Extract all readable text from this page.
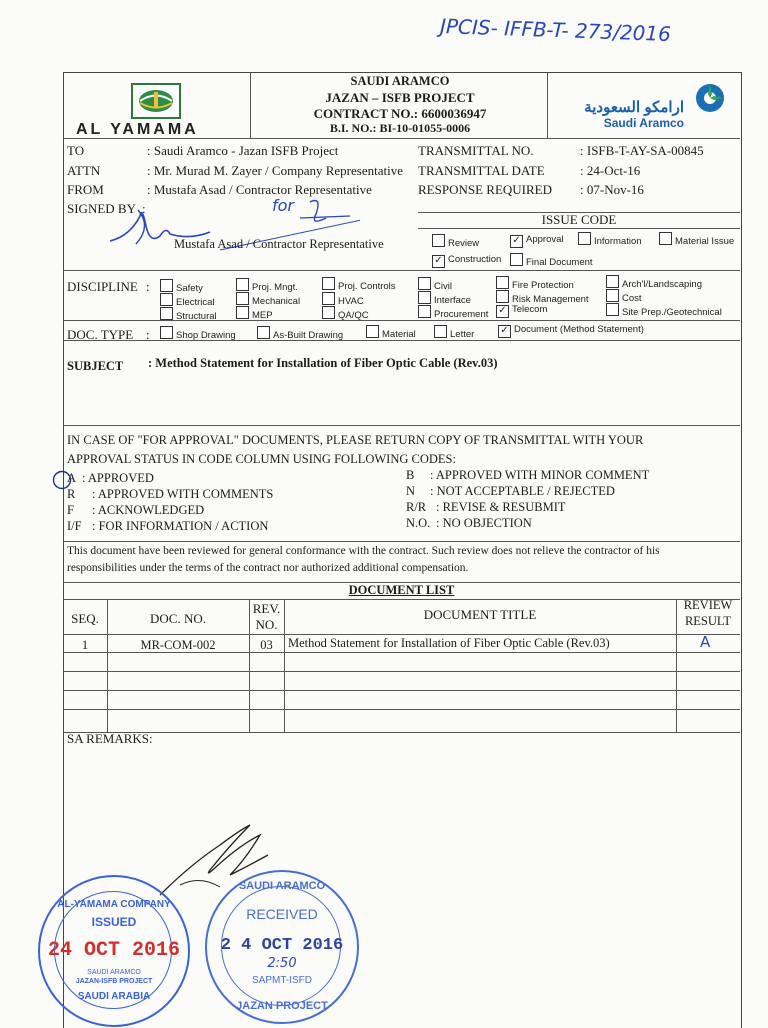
JPCIS- IFFB-T- 273/2016
AL YAMAMA
SAUDI ARAMCO
JAZAN – ISFB PROJECT
CONTRACT NO.: 6600036947
B.I. NO.: BI-10-01055-0006
ارامكو السعودية
Saudi Aramco
TO	: Saudi Aramco - Jazan ISFB Project
ATTN	: Mr. Murad M. Zayer / Company Representative
FROM	: Mustafa Asad / Contractor Representative
TRANSMITTAL NO.	: ISFB-T-AY-SA-00845
TRANSMITTAL DATE	: 24-Oct-16
RESPONSE REQUIRED : 07-Nov-16
SIGNED BY :	for
Mustafa Asad / Contractor Representative
ISSUE CODE
Review	✓ Approval	Information	Material Issue
✓ Construction	Final Document
DISCIPLINE :	Safety	Proj. Mngt.	Proj. Controls	Civil	Fire Protection	Arch'l/Landscaping
Electrical	Mechanical	HVAC	Interface	Risk Management	Cost
Structural	MEP	QA/QC	Procurement ✓ Telecom	Site Prep./Geotechnical
DOC. TYPE :	Shop Drawing	As-Built Drawing	Material	Letter	✓ Document (Method Statement)
SUBJECT : Method Statement for Installation of Fiber Optic Cable (Rev.03)
IN CASE OF "FOR APPROVAL" DOCUMENTS, PLEASE RETURN COPY OF TRANSMITTAL WITH YOUR
APPROVAL STATUS IN CODE COLUMN USING FOLLOWING CODES:
A : APPROVED
R : APPROVED WITH COMMENTS
F : ACKNOWLEDGED
I/F : FOR INFORMATION / ACTION
B : APPROVED WITH MINOR COMMENT
N : NOT ACCEPTABLE / REJECTED
R/R : REVISE & RESUBMIT
N.O. : NO OBJECTION
This document have been reviewed for general conformance with the contract. Such review does not relieve the contractor of his
responsibilities under the terms of the contract nor authorized additional compensation.
DOCUMENT LIST
SEQ.	DOC. NO.
REV.
NO.
DOCUMENT TITLE
REVIEW
RESULT
1	MR-COM-002	03	Method Statement for Installation of Fiber Optic Cable (Rev.03)	A
SA REMARKS:
AL-YAMAMA COMPANY
ISSUED
24 OCT 2016
SAUDI ARAMCO
JAZAN-ISFB PROJECT
SAUDI ARABIA
SAUDI ARAMCO
RECEIVED
2 4 OCT 2016
2:50
SAPMT-ISFD
JAZAN PROJECT
